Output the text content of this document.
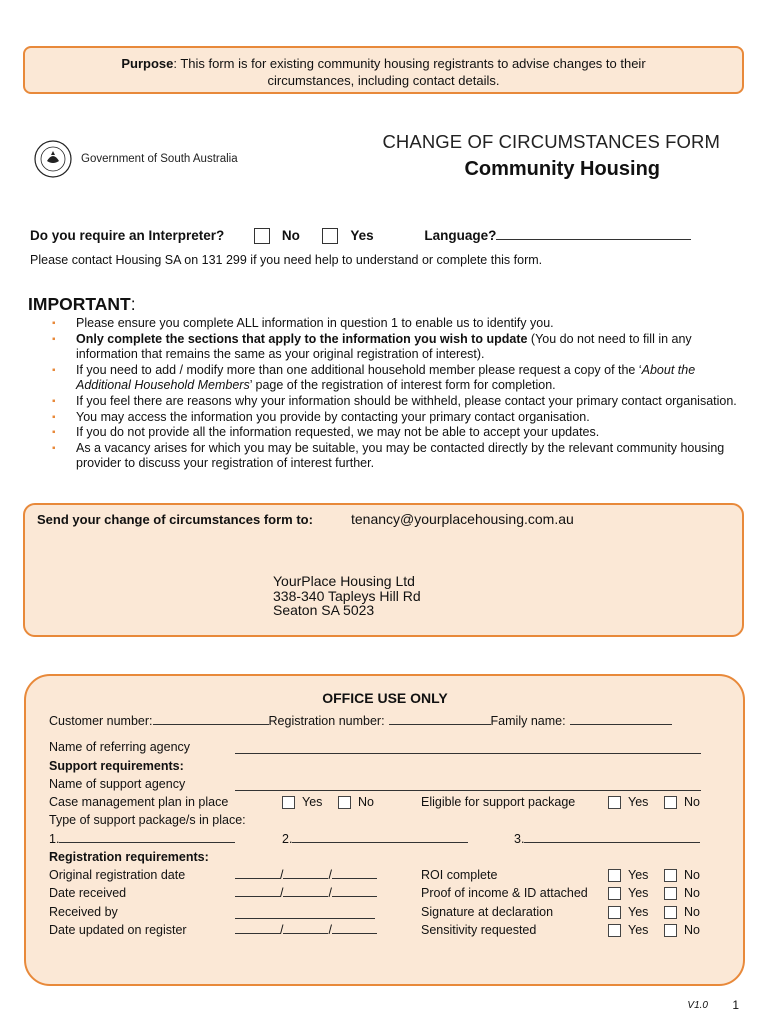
Purpose: This form is for existing community housing registrants to advise changes to their
circumstances, including contact details.
Government of South Australia
CHANGE OF CIRCUMSTANCES FORM
Community Housing
Do you require an Interpreter?	No	Yes	Language?
Please contact Housing SA on 131 299 if you need help to understand or complete this form.
IMPORTANT:
▪ Please ensure you complete ALL information in question 1 to enable us to identify you.
▪ Only complete the sections that apply to the information you wish to update (You do not need to fill in any information that remains the same as your original registration of interest).
▪ If you need to add / modify more than one additional household member please request a copy of the ‘About the Additional Household Members’ page of the registration of interest form for completion.
▪ If you feel there are reasons why your information should be withheld, please contact your primary contact organisation.
▪ You may access the information you provide by contacting your primary contact organisation.
▪ If you do not provide all the information requested, we may not be able to accept your updates.
▪ As a vacancy arises for which you may be suitable, you may be contacted directly by the relevant community housing provider to discuss your registration of interest further.
Send your change of circumstances form to:	tenancy@yourplacehousing.com.au
YourPlace Housing Ltd
338-340 Tapleys Hill Rd
Seaton SA 5023
OFFICE USE ONLY
Customer number:	Registration number:	Family name:
Name of referring agency
Support requirements:
Name of support agency
Case management plan in place	Yes	No	Eligible for support package	Yes	No
Type of support package/s in place:
1.	2.	3.
Registration requirements:
Original registration date	/	/	ROI complete	Yes	No
Date received	/	/	Proof of income & ID attached	Yes	No
Received by	Signature at declaration	Yes	No
Date updated on register	/	/	Sensitivity requested	Yes	No
V1.0 1
